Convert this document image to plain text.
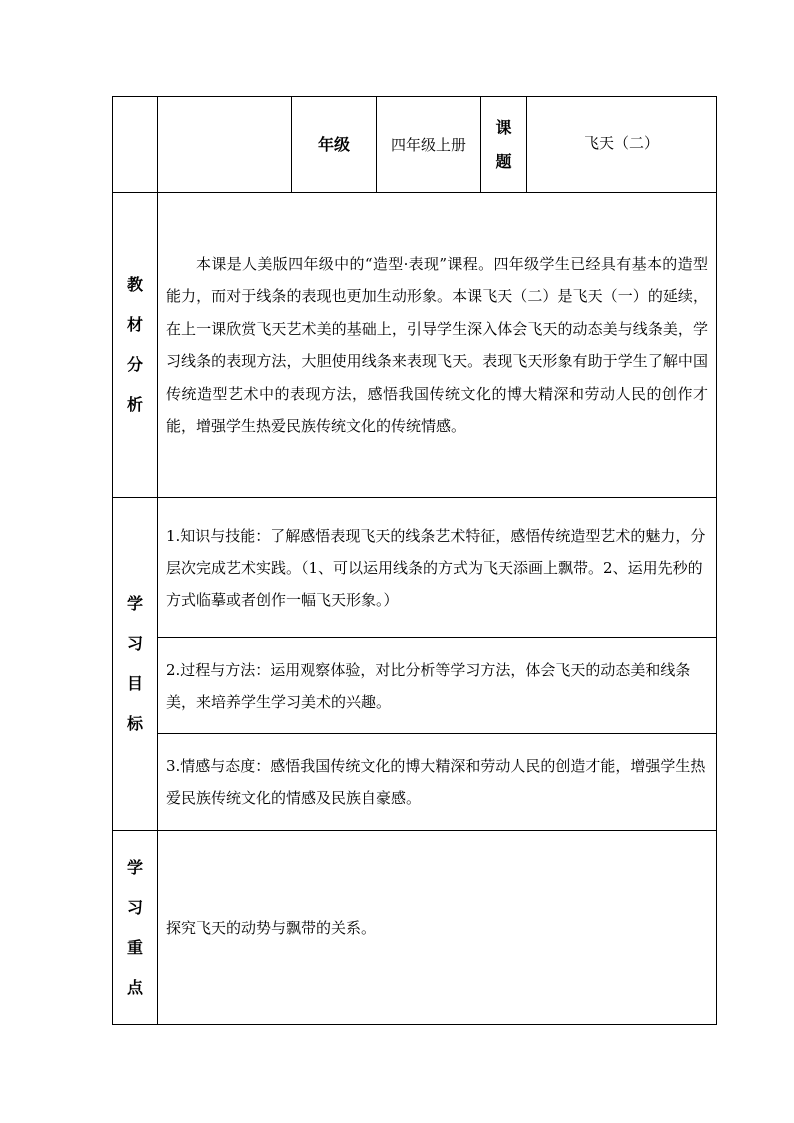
		年级	四年级上册	课题	飞天（二）

教
材
分
析	本课是人美版四年级中的“造型·表现”课程。四年级学生已经具有基本的造型能力，而对于线条的表现也更加生动形象。本课飞天（二）是飞天（一）的延续，在上一课欣赏飞天艺术美的基础上，引导学生深入体会飞天的动态美与线条美，学习线条的表现方法，大胆使用线条来表现飞天。表现飞天形象有助于学生了解中国传统造型艺术中的表现方法，感悟我国传统文化的博大精深和劳动人民的创作才能，增强学生热爱民族传统文化的传统情感。				

学
习
目
标	1.知识与技能：了解感悟表现飞天的线条艺术特征，感悟传统造型艺术的魅力，分层次完成艺术实践。（1、可以运用线条的方式为飞天添画上飘带。2、运用先秒的方式临摹或者创作一幅飞天形象。）				
	2.过程与方法：运用观察体验，对比分析等学习方法，体会飞天的动态美和线条美，来培养学生学习美术的兴趣。				
	3.情感与态度：感悟我国传统文化的博大精深和劳动人民的创造才能，增强学生热爱民族传统文化的情感及民族自豪感。				

学
习
重
点	探究飞天的动势与飘带的关系。				
